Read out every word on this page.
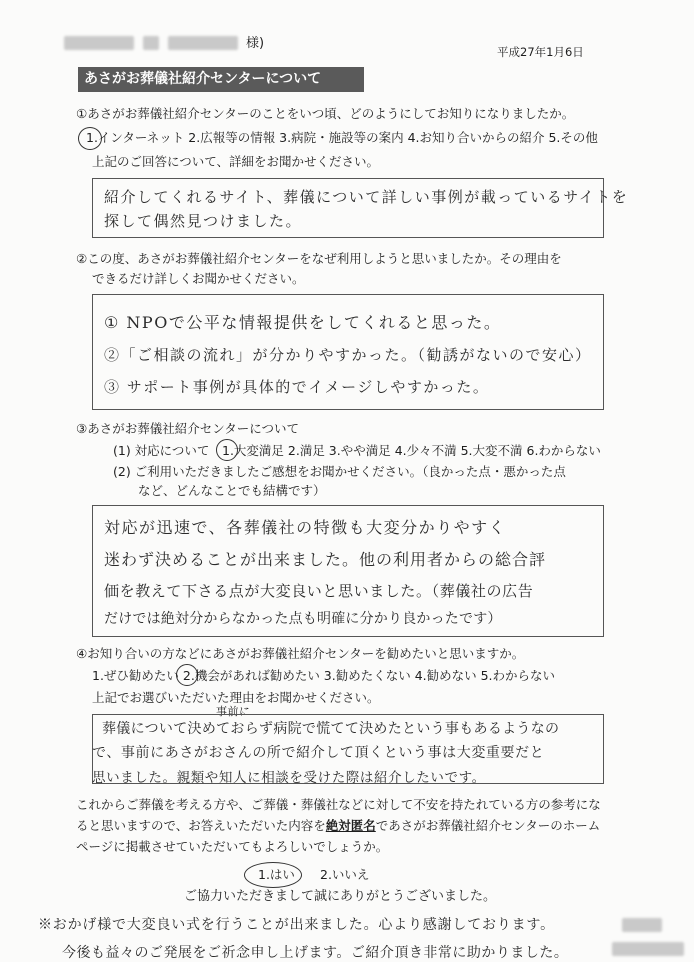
様)
平成27年1月6日
あさがお葬儀社紹介センターについて
①あさがお葬儀社紹介センターのことをいつ頃、どのようにしてお知りになりましたか。
1.インターネット 2.広報等の情報 3.病院・施設等の案内 4.お知り合いからの紹介 5.その他
上記のご回答について、詳細をお聞かせください。
紹介してくれるサイト、葬儀について詳しい事例が載っているサイトを
探して偶然見つけました。
②この度、あさがお葬儀社紹介センターをなぜ利用しようと思いましたか。その理由を
できるだけ詳しくお聞かせください。
① NPOで公平な情報提供をしてくれると思った。
②「ご相談の流れ」が分かりやすかった。（勧誘がないので安心）
③ サポート事例が具体的でイメージしやすかった。
③あさがお葬儀社紹介センターについて
(1) 対応について 1.大変満足 2.満足 3.やや満足 4.少々不満 5.大変不満 6.わからない
(2) ご利用いただきましたご感想をお聞かせください。（良かった点・悪かった点
など、どんなことでも結構です）
対応が迅速で、各葬儀社の特徴も大変分かりやすく
迷わず決めることが出来ました。他の利用者からの総合評
価を教えて下さる点が大変良いと思いました。（葬儀社の広告
だけでは絶対分からなかった点も明確に分かり良かったです）
④お知り合いの方などにあさがお葬儀社紹介センターを勧めたいと思いますか。
1.ぜひ勧めたい 2.機会があれば勧めたい 3.勧めたくない 4.勧めない 5.わからない
上記でお選びいただいた理由をお聞かせください。
事前に
葬儀について決めておらず病院で慌てて決めたという事もあるようなの
で、事前にあさがおさんの所で紹介して頂くという事は大変重要だと
思いました。親類や知人に相談を受けた際は紹介したいです。
これからご葬儀を考える方や、ご葬儀・葬儀社などに対して不安を持たれている方の参考になると思いますので、お答えいただいた内容を絶対匿名であさがお葬儀社紹介センターのホームページに掲載させていただいてもよろしいでしょうか。
1.はい 2.いいえ
ご協力いただきまして誠にありがとうございました。
※おかげ様で大変良い式を行うことが出来ました。心より感謝しております。
今後も益々のご発展をご祈念申し上げます。ご紹介頂き非常に助かりました。
